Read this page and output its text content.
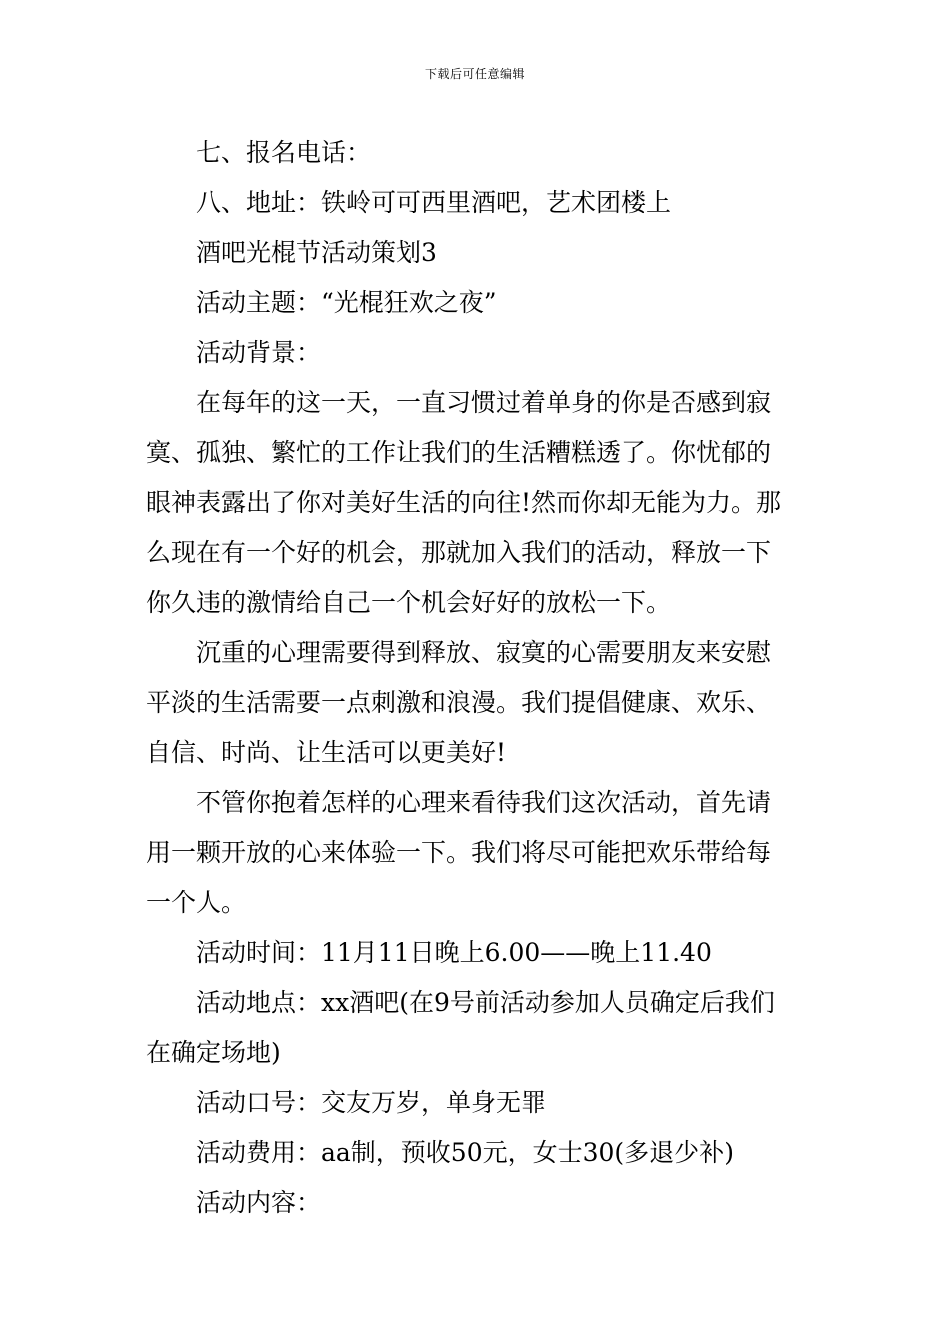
下载后可任意编辑
七、报名电话：
八、地址：铁岭可可西里酒吧，艺术团楼上
酒吧光棍节活动策划3
活动主题：“光棍狂欢之夜”
活动背景：
在每年的这一天，一直习惯过着单身的你是否感到寂
寞、孤独、繁忙的工作让我们的生活糟糕透了。你忧郁的
眼神表露出了你对美好生活的向往!然而你却无能为力。那
么现在有一个好的机会，那就加入我们的活动，释放一下
你久违的激情给自己一个机会好好的放松一下。
沉重的心理需要得到释放、寂寞的心需要朋友来安慰
平淡的生活需要一点刺激和浪漫。我们提倡健康、欢乐、
自信、时尚、让生活可以更美好!
不管你抱着怎样的心理来看待我们这次活动，首先请
用一颗开放的心来体验一下。我们将尽可能把欢乐带给每
一个人。
活动时间：11月11日晚上6.00——晚上11.40
活动地点：xx酒吧(在9号前活动参加人员确定后我们
在确定场地)
活动口号：交友万岁，单身无罪
活动费用：aa制，预收50元，女士30(多退少补)
活动内容：
